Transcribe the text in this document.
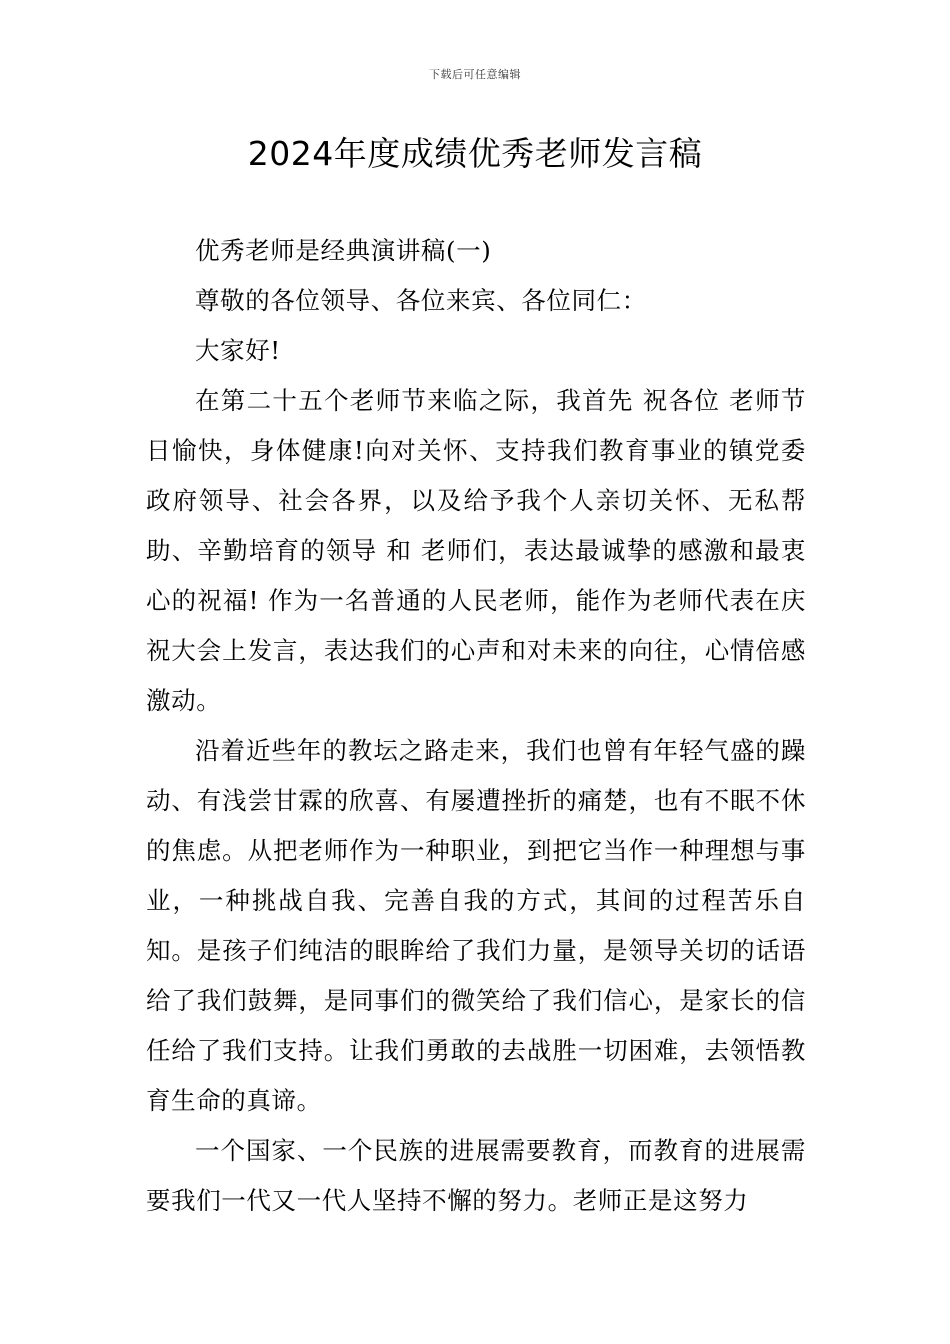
下载后可任意编辑
2024年度成绩优秀老师发言稿

优秀老师是经典演讲稿(一)

尊敬的各位领导、各位来宾、各位同仁：

大家好!

在第二十五个老师节来临之际，我首先 祝各位 老师节日愉快，身体健康!向对关怀、支持我们教育事业的镇党委政府领导、社会各界，以及给予我个人亲切关怀、无私帮助、辛勤培育的领导 和 老师们，表达最诚挚的感激和最衷心的祝福! 作为一名普通的人民老师，能作为老师代表在庆祝大会上发言，表达我们的心声和对未来的向往，心情倍感激动。

沿着近些年的教坛之路走来，我们也曾有年轻气盛的躁动、有浅尝甘霖的欣喜、有屡遭挫折的痛楚，也有不眠不休的焦虑。从把老师作为一种职业，到把它当作一种理想与事业，一种挑战自我、完善自我的方式，其间的过程苦乐自知。是孩子们纯洁的眼眸给了我们力量，是领导关切的话语给了我们鼓舞，是同事们的微笑给了我们信心，是家长的信任给了我们支持。让我们勇敢的去战胜一切困难，去领悟教育生命的真谛。

一个国家、一个民族的进展需要教育，而教育的进展需要我们一代又一代人坚持不懈的努力。老师正是这努力
